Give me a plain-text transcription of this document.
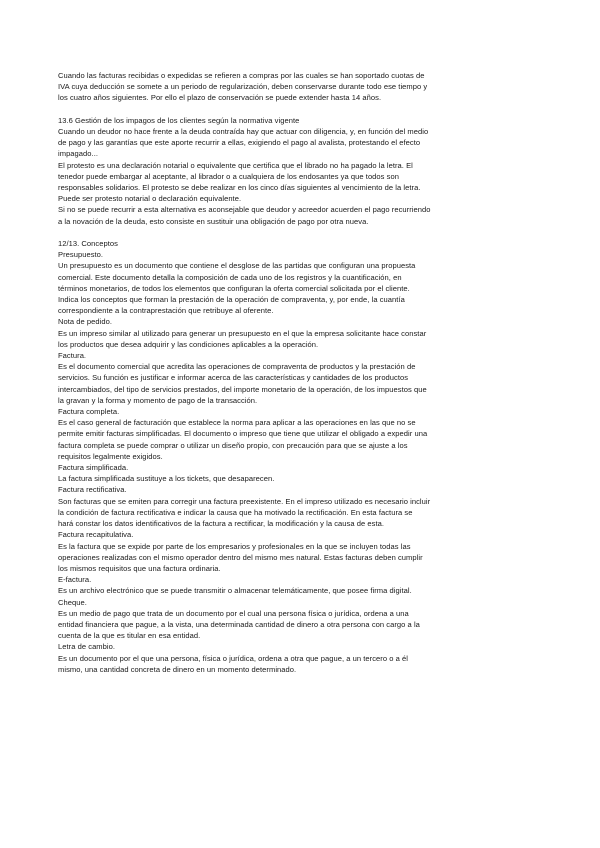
Cuando las facturas recibidas o expedidas se refieren a compras por las cuales se han soportado cuotas de
IVA cuya deducción se somete a un periodo de regularización, deben conservarse durante todo ese tiempo y
los cuatro años siguientes. Por ello el plazo de conservación se puede extender hasta 14 años.
13.6 Gestión de los impagos de los clientes según la normativa vigente
Cuando un deudor no hace frente a la deuda contraída hay que actuar con diligencia, y, en función del medio
de pago y las garantías que este aporte recurrir a ellas, exigiendo el pago al avalista, protestando el efecto
impagado...
El protesto es una declaración notarial o equivalente que certifica que el librado no ha pagado la letra. El
tenedor puede embargar al aceptante, al librador o a cualquiera de los endosantes ya que todos son
responsables solidarios. El protesto se debe realizar en los cinco días siguientes al vencimiento de la letra.
Puede ser protesto notarial o declaración equivalente.
Si no se puede recurrir a esta alternativa es aconsejable que deudor y acreedor acuerden el pago recurriendo
a la novación de la deuda, esto consiste en sustituir una obligación de pago por otra nueva.
12/13. Conceptos
Presupuesto.
Un presupuesto es un documento que contiene el desglose de las partidas que configuran una propuesta
comercial. Este documento detalla la composición de cada uno de los registros y la cuantificación, en
términos monetarios, de todos los elementos que configuran la oferta comercial solicitada por el cliente.
Indica los conceptos que forman la prestación de la operación de compraventa, y, por ende, la cuantía
correspondiente a la contraprestación que retribuye al oferente.
Nota de pedido.
Es un impreso similar al utilizado para generar un presupuesto en el que la empresa solicitante hace constar
los productos que desea adquirir y las condiciones aplicables a la operación.
Factura.
Es el documento comercial que acredita las operaciones de compraventa de productos y la prestación de
servicios. Su función es justificar e informar acerca de las características y cantidades de los productos
intercambiados, del tipo de servicios prestados, del importe monetario de la operación, de los impuestos que
la gravan y la forma y momento de pago de la transacción.
Factura completa.
Es el caso general de facturación que establece la norma para aplicar a las operaciones en las que no se
permite emitir facturas simplificadas. El documento o impreso que tiene que utilizar el obligado a expedir una
factura completa se puede comprar o utilizar un diseño propio, con precaución para que se ajuste a los
requisitos legalmente exigidos.
Factura simplificada.
La factura simplificada sustituye a los tickets, que desaparecen.
Factura rectificativa.
Son facturas que se emiten para corregir una factura preexistente. En el impreso utilizado es necesario incluir
la condición de factura rectificativa e indicar la causa que ha motivado la rectificación. En esta factura se
hará constar los datos identificativos de la factura a rectificar, la modificación y la causa de esta.
Factura recapitulativa.
Es la factura que se expide por parte de los empresarios y profesionales en la que se incluyen todas las
operaciones realizadas con el mismo operador dentro del mismo mes natural. Estas facturas deben cumplir
los mismos requisitos que una factura ordinaria.
E-factura.
Es un archivo electrónico que se puede transmitir o almacenar telemáticamente, que posee firma digital.
Cheque.
Es un medio de pago que trata de un documento por el cual una persona física o jurídica, ordena a una
entidad financiera que pague, a la vista, una determinada cantidad de dinero a otra persona con cargo a la
cuenta de la que es titular en esa entidad.
Letra de cambio.
Es un documento por el que una persona, física o jurídica, ordena a otra que pague, a un tercero o a él
mismo, una cantidad concreta de dinero en un momento determinado.
